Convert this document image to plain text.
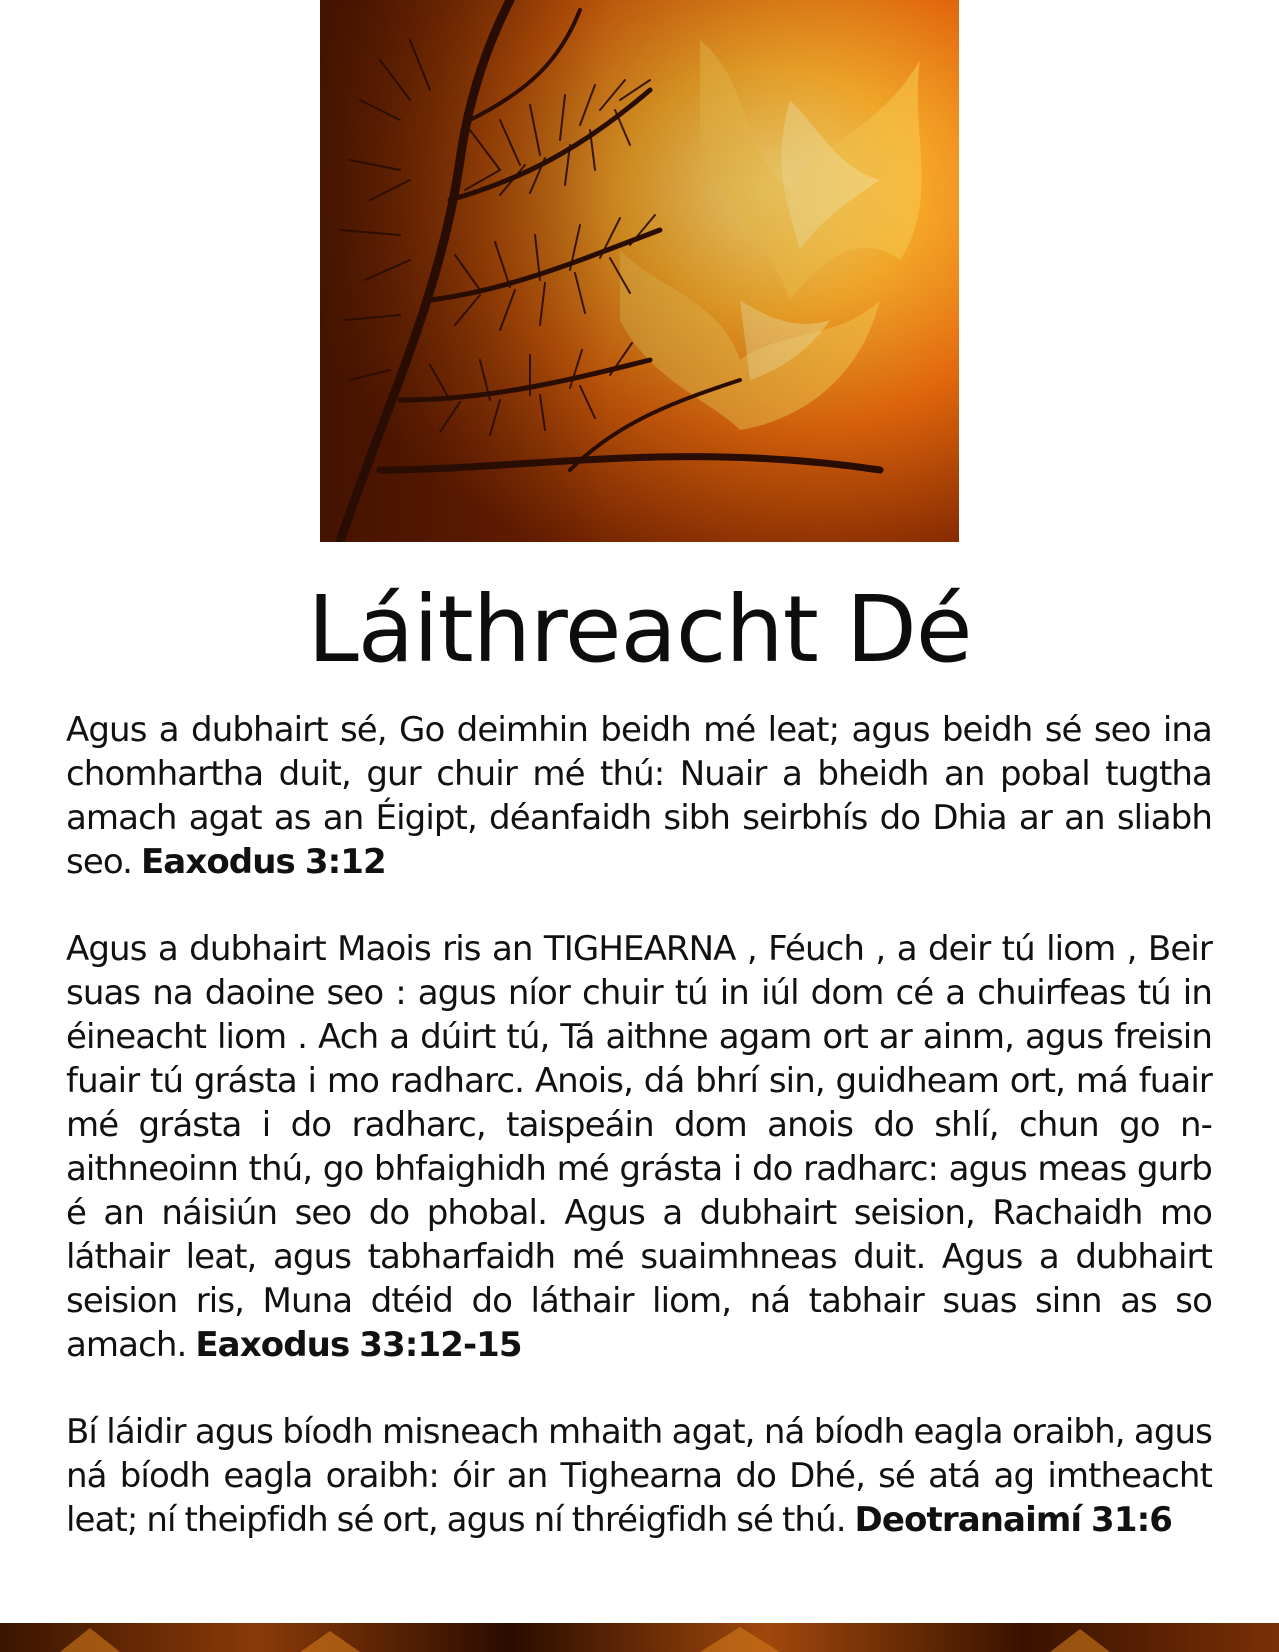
Láithreacht Dé

Agus a dubhairt sé, Go deimhin beidh mé leat; agus beidh sé seo ina chomhartha duit, gur chuir mé thú: Nuair a bheidh an pobal tugtha amach agat as an Éigipt, déanfaidh sibh seirbhís do Dhia ar an sliabh seo. Eaxodus 3:12

Agus a dubhairt Maois ris an TIGHEARNA , Féuch , a deir tú liom , Beir suas na daoine seo : agus níor chuir tú in iúl dom cé a chuirfeas tú in éineacht liom . Ach a dúirt tú, Tá aithne agam ort ar ainm, agus freisin fuair tú grásta i mo radharc. Anois, dá bhrí sin, guidheam ort, má fuair mé grásta i do radharc, taispeáin dom anois do shlí, chun go n-aithneoinn thú, go bhfaighidh mé grásta i do radharc: agus meas gurb é an náisiún seo do phobal. Agus a dubhairt seision, Rachaidh mo láthair leat, agus tabharfaidh mé suaimhneas duit. Agus a dubhairt seision ris, Muna dtéid do láthair liom, ná tabhair suas sinn as so amach. Eaxodus 33:12-15

Bí láidir agus bíodh misneach mhaith agat, ná bíodh eagla oraibh, agus ná bíodh eagla oraibh: óir an Tighearna do Dhé, sé atá ag imtheacht leat; ní theipfidh sé ort, agus ní thréigfidh sé thú. Deotranaimí 31:6
